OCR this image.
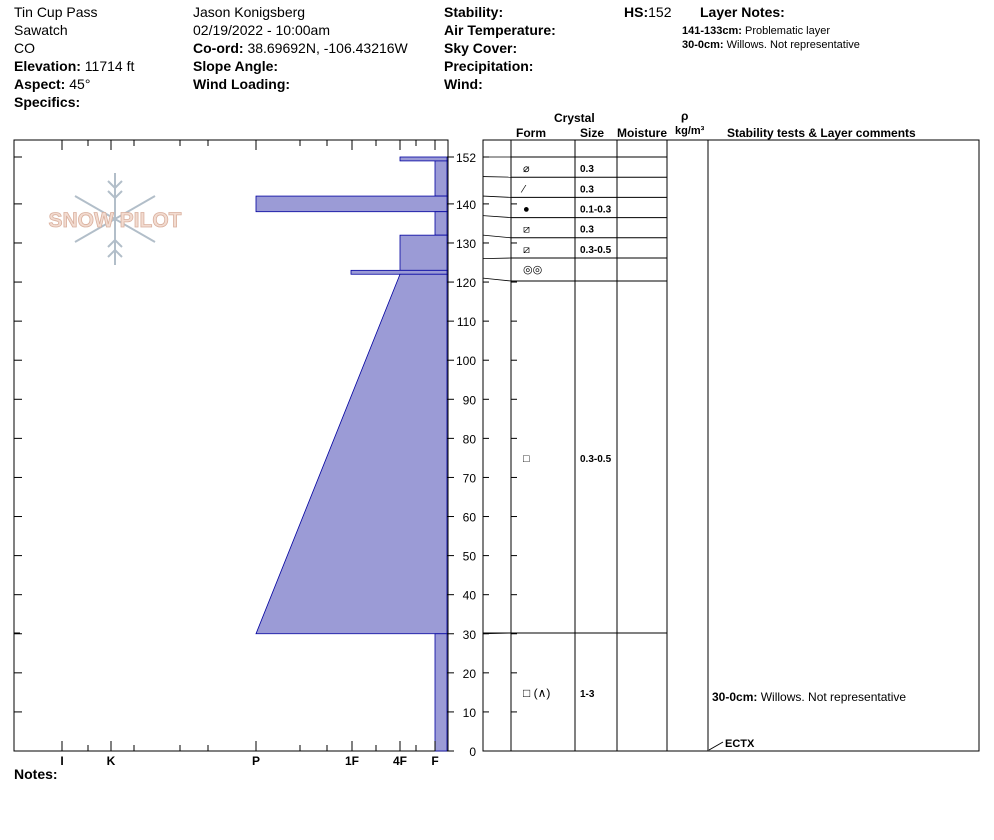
Tin Cup Pass
Sawatch
CO
Elevation: 11714 ft
Aspect: 45°
Specifics:
Jason Konigsberg
02/19/2022 - 10:00am
Co-ord: 38.69692N, -106.43216W
Slope Angle:
Wind Loading:
Stability:
Air Temperature:
Sky Cover:
Precipitation:
Wind:
HS:152 Layer Notes:
141-133cm: Problematic layer
30-0cm: Willows. Not representative
Crystal
Form	Size Moisture
ρ
kg/m³ Stability tests & Layer comments
Notes:
SNOW PILOT
0
10
20
30
40
50
60
70
80
90
100
110
120
130
140
152
I	K	P	1F	4F F
⌀	0.3
⁄	0.3
●	0.1-0.3
⧄	0.3
⧄	0.3-0.5
◎◎
□	0.3-0.5
□ (∧)	1-3	30-0cm: Willows. Not representative
ECTX
